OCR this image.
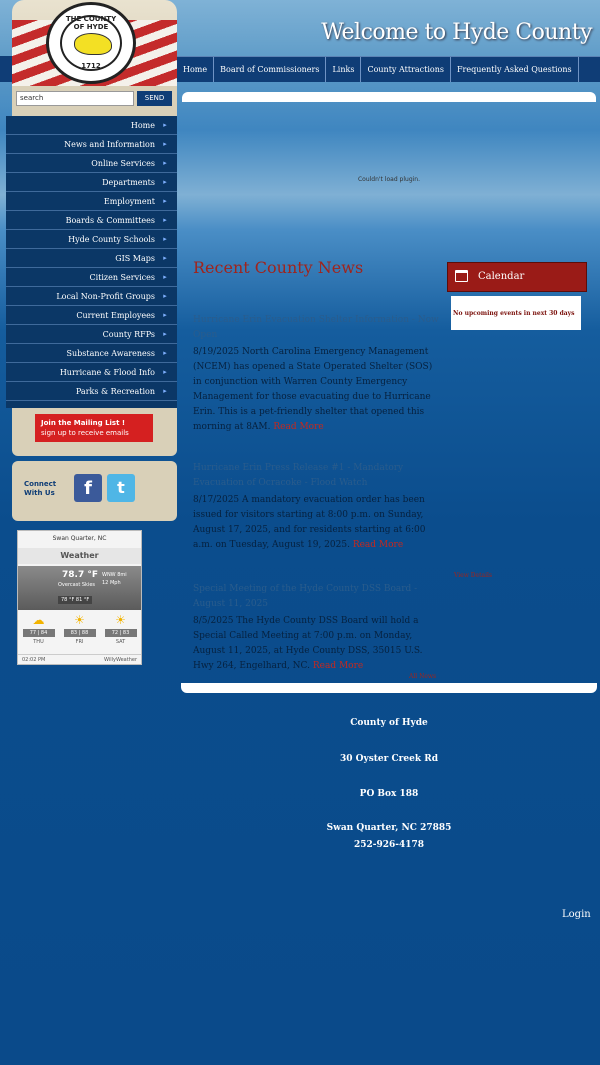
THE COUNTY OF HYDE
1712
Welcome to Hyde County
Home	Board of Commissioners	Links	County Attractions	Frequently Asked Questions
search	SEND
Home	▸
News and Information	▸
Online Services	▸
Departments	▸
Employment	▸
Boards & Committees	▸
Hyde County Schools	▸
GIS Maps	▸
Citizen Services	▸
Local Non-Profit Groups	▸
Current Employees	▸
County RFPs	▸
Substance Awareness	▸
Hurricane & Flood Info	▸
Parks & Recreation	▸
Join the Mailing List !
sign up to receive emails
Connect With Us	f	t
Swan Quarter, NC
Weather
78.7 °F
Overcast Skies
WNW 8mi
12 Mph
78 °F 81 °F
☁
77 | 84
THU
☀
83 | 88
FRI
☀
72 | 83
SAT
02:02 PM	WillyWeather
Couldn't load plugin.
Recent County News
Hurricane Erin Evacuation Shelter Information - Now Open
8/19/2025 North Carolina Emergency Management (NCEM) has opened a State Operated Shelter (SOS) in conjunction with Warren County Emergency Management for those evacuating due to Hurricane Erin. This is a pet-friendly shelter that opened this morning at 8AM. Read More
Hurricane Erin Press Release #1 - Mandatory Evacuation of Ocracoke - Flood Watch
8/17/2025 A mandatory evacuation order has been issued for visitors starting at 8:00 p.m. on Sunday, August 17, 2025, and for residents starting at 6:00 a.m. on Tuesday, August 19, 2025. Read More
Special Meeting of the Hyde County DSS Board - August 11, 2025
8/5/2025 The Hyde County DSS Board will hold a Special Called Meeting at 7:00 p.m. on Monday, August 11, 2025, at Hyde County DSS, 35015 U.S. Hwy 264, Engelhard, NC. Read More
All News
Calendar
No upcoming events in next 30 days
View Details
County of Hyde
30 Oyster Creek Rd
PO Box 188
Swan Quarter, NC 27885
252-926-4178
Login
